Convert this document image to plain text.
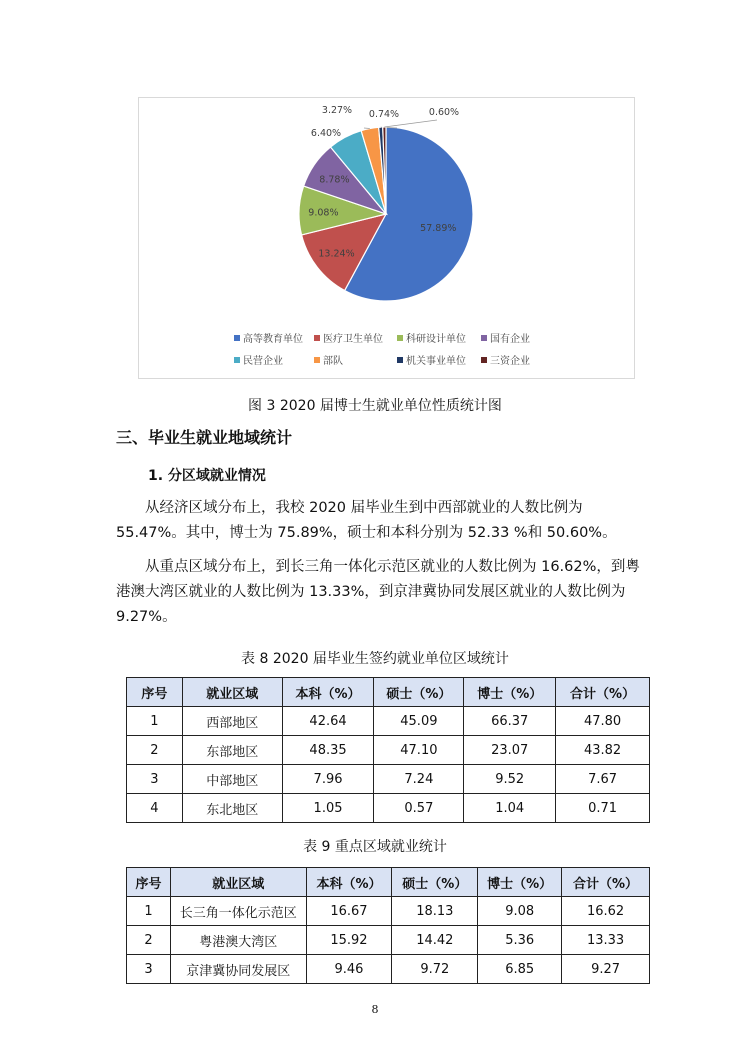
57.89%
13.24%
9.08%
8.78%
6.40%
3.27% 0.74%	0.60%
高等教育单位 医疗卫生单位 科研设计单位 国有企业
民营企业	部队	机关事业单位 三资企业
图 3 2020 届博士生就业单位性质统计图
三、毕业生就业地域统计
1. 分区域就业情况

从经济区域分布上，我校 2020 届毕业生到中西部就业的人数比例为 55.47%。其中，博士为 75.89%，硕士和本科分别为 52.33 %和 50.60%。

从重点区域分布上，到长三角一体化示范区就业的人数比例为 16.62%，到粤港澳大湾区就业的人数比例为 13.33%，到京津冀协同发展区就业的人数比例为 9.27%。

表 8 2020 届毕业生签约就业单位区域统计
序号	就业区域	本科（%）	硕士（%）	博士（%）	合计（%）
1	西部地区	42.64	45.09	66.37	47.80
2	东部地区	48.35	47.10	23.07	43.82
3	中部地区	7.96	7.24	9.52	7.67
4	东北地区	1.05	0.57	1.04	0.71
表 9 重点区域就业统计
序号	就业区域	本科（%）	硕士（%）	博士（%）	合计（%）
1	长三角一体化示范区	16.67	18.13	9.08	16.62
2	粤港澳大湾区	15.92	14.42	5.36	13.33
3	京津冀协同发展区	9.46	9.72	6.85	9.27
8
